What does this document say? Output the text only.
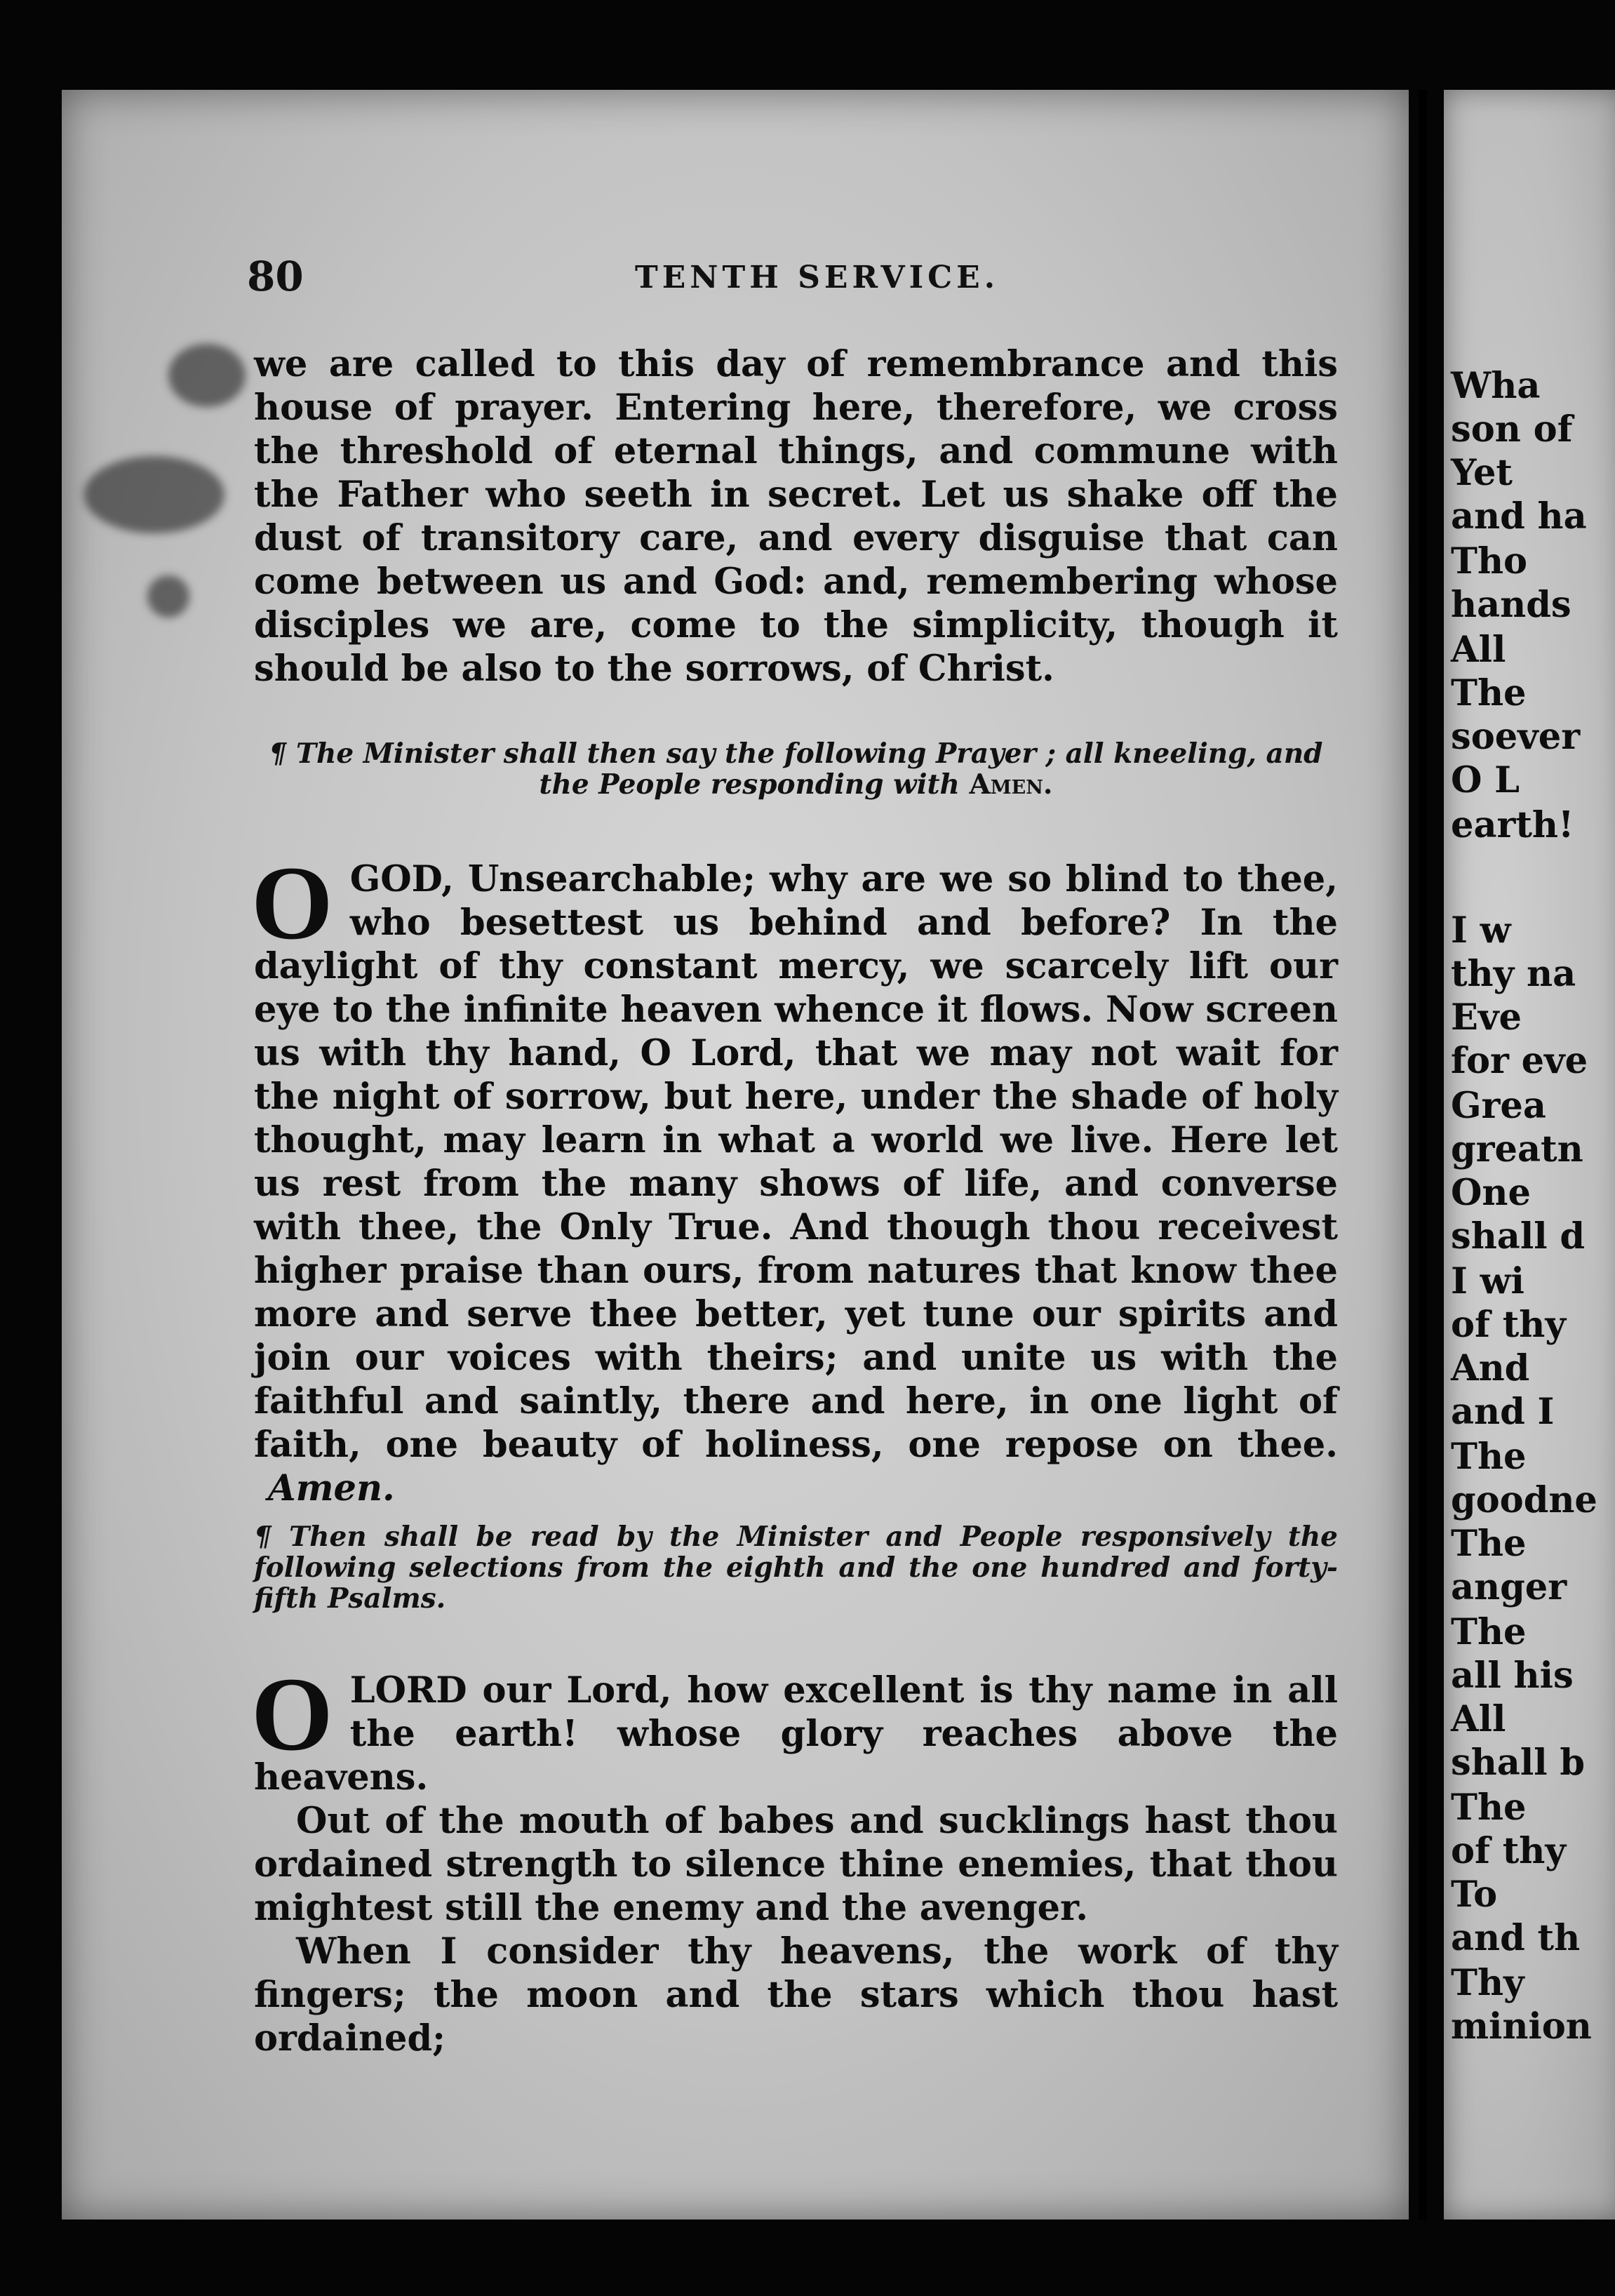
80	TENTH SERVICE.

we are called to this day of remembrance and this house of prayer. Entering here, therefore, we cross the threshold of eternal things, and commune with the Father who seeth in secret. Let us shake off the dust of transitory care, and every disguise that can come between us and God: and, remembering whose disciples we are, come to the simplicity, though it should be also to the sorrows, of Christ.

¶ The Minister shall then say the following Prayer ; all kneeling, and the People responding with Amen.
O GOD, Unsearchable; why are we so blind to thee, who besettest us behind and before? In the daylight of thy constant mercy, we scarcely lift our eye to the infinite heaven whence it flows. Now screen us with thy hand, O Lord, that we may not wait for the night of sorrow, but here, under the shade of holy thought, may learn in what a world we live. Here let us rest from the many shows of life, and converse with thee, the Only True. And though thou receivest higher praise than ours, from natures that know thee more and serve thee better, yet tune our spirits and join our voices with theirs; and unite us with the faithful and saintly, there and here, in one light of faith, one beauty of holiness, one repose on thee. Amen.
¶ Then shall be read by the Minister and People responsively the following selections from the eighth and the one hundred and forty-fifth Psalms.

O LORD our Lord, how excellent is thy name in all the earth! whose glory reaches above the heavens.

Out of the mouth of babes and sucklings hast thou ordained strength to silence thine enemies, that thou mightest still the enemy and the avenger.

When I consider thy heavens, the work of thy fingers; the moon and the stars which thou hast ordained;

Wha
son of
Yet
and ha
Tho
hands
All
The
soever
O L
earth!
I w
thy na
Eve
for eve
Grea
greatn
One
shall d
I wi
of thy
And
and I
The
goodne
The
anger
The
all his
All
shall b
The
of thy
To
and th
Thy
minion
